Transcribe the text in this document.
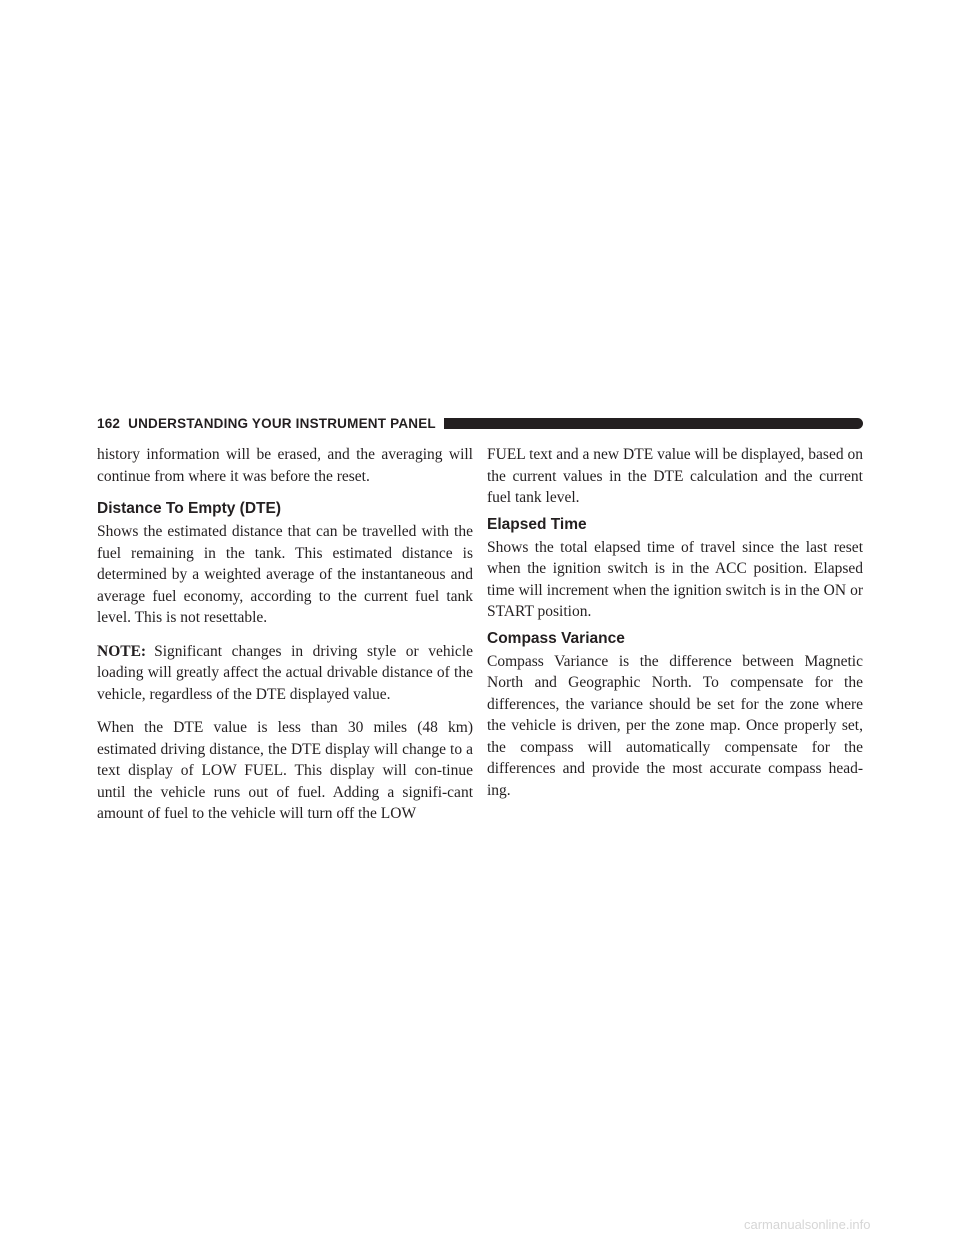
162 UNDERSTANDING YOUR INSTRUMENT PANEL

history information will be erased, and the averaging will continue from where it was before the reset.

Distance To Empty (DTE)

Shows the estimated distance that can be travelled with the fuel remaining in the tank. This estimated distance is determined by a weighted average of the instantaneous and average fuel economy, according to the current fuel tank level. This is not resettable.

NOTE: Significant changes in driving style or vehicle loading will greatly affect the actual drivable distance of the vehicle, regardless of the DTE displayed value.

When the DTE value is less than 30 miles (48 km) estimated driving distance, the DTE display will change to a text display of LOW FUEL. This display will con-tinue until the vehicle runs out of fuel. Adding a signifi-cant amount of fuel to the vehicle will turn off the LOW

FUEL text and a new DTE value will be displayed, based on the current values in the DTE calculation and the current fuel tank level.

Elapsed Time

Shows the total elapsed time of travel since the last reset when the ignition switch is in the ACC position. Elapsed time will increment when the ignition switch is in the ON or START position.

Compass Variance

Compass Variance is the difference between Magnetic North and Geographic North. To compensate for the differences, the variance should be set for the zone where the vehicle is driven, per the zone map. Once properly set, the compass will automatically compensate for the differences and provide the most accurate compass head-ing.

carmanualsonline.info
